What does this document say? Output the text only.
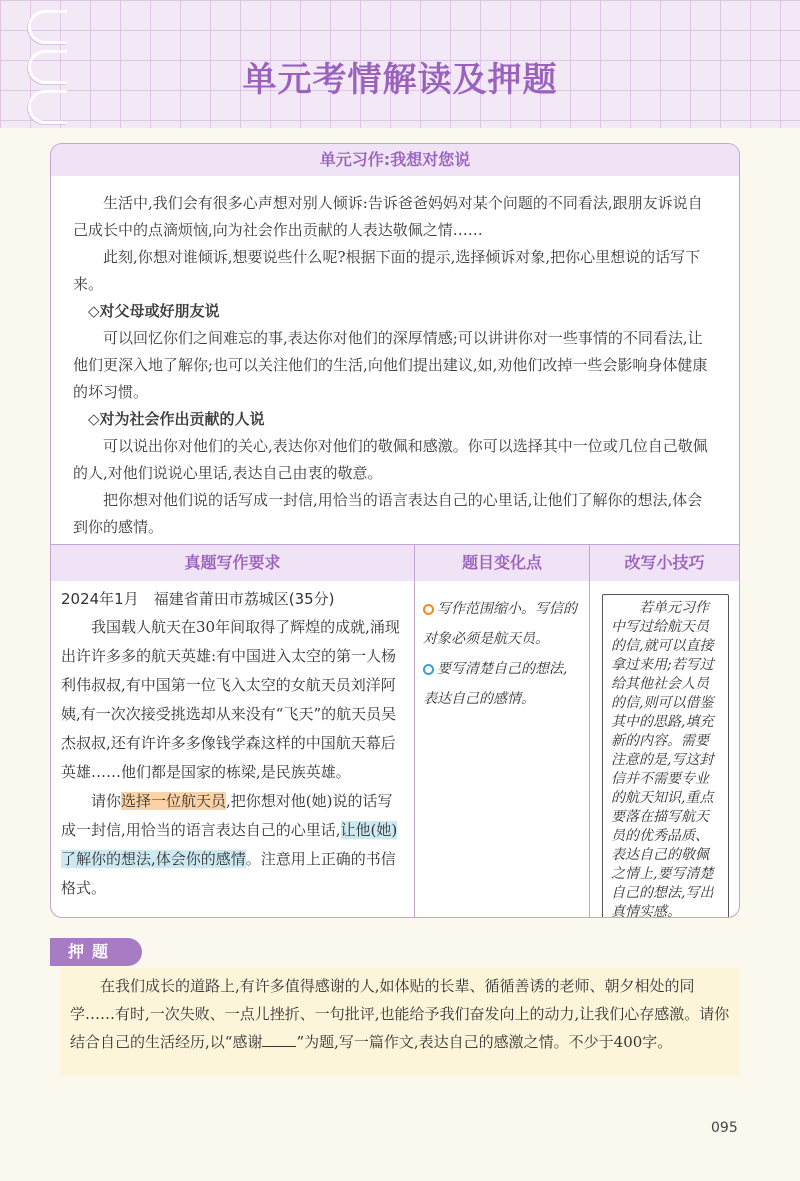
单元考情解读及押题
单元习作:我想对您说

生活中,我们会有很多心声想对别人倾诉:告诉爸爸妈妈对某个问题的不同看法,跟朋友诉说自己成长中的点滴烦恼,向为社会作出贡献的人表达敬佩之情……

此刻,你想对谁倾诉,想要说些什么呢?根据下面的提示,选择倾诉对象,把你心里想说的话写下来。

◇对父母或好朋友说

可以回忆你们之间难忘的事,表达你对他们的深厚情感;可以讲讲你对一些事情的不同看法,让他们更深入地了解你;也可以关注他们的生活,向他们提出建议,如,劝他们改掉一些会影响身体健康的坏习惯。

◇对为社会作出贡献的人说

可以说出你对他们的关心,表达你对他们的敬佩和感激。你可以选择其中一位或几位自己敬佩的人,对他们说说心里话,表达自己由衷的敬意。

把你想对他们说的话写成一封信,用恰当的语言表达自己的心里话,让他们了解你的想法,体会到你的感情。

真题写作要求	题目变化点	改写小技巧
2024年1月　福建省莆田市荔城区(35分)

我国载人航天在30年间取得了辉煌的成就,涌现出许许多多的航天英雄:有中国进入太空的第一人杨利伟叔叔,有中国第一位飞入太空的女航天员刘洋阿姨,有一次次接受挑选却从来没有“飞天”的航天员吴杰叔叔,还有许许多多像钱学森这样的中国航天幕后英雄……他们都是国家的栋梁,是民族英雄。

请你选择一位航天员,把你想对他(她)说的话写成一封信,用恰当的语言表达自己的心里话,让他(她)了解你的想法,体会你的感情。注意用上正确的书信格式。

写作范围缩小。写信的对象必须是航天员。
要写清楚自己的想法,表达自己的感情。
若单元习作中写过给航天员的信,就可以直接拿过来用;若写过给其他社会人员的信,则可以借鉴其中的思路,填充新的内容。需要注意的是,写这封信并不需要专业的航天知识,重点要落在描写航天员的优秀品质、表达自己的敬佩之情上,要写清楚自己的想法,写出真情实感。
押题

在我们成长的道路上,有许多值得感谢的人,如体贴的长辈、循循善诱的老师、朝夕相处的同学……有时,一次失败、一点儿挫折、一句批评,也能给予我们奋发向上的动力,让我们心存感激。请你结合自己的生活经历,以“感谢 ”为题,写一篇作文,表达自己的感激之情。不少于400字。

095
